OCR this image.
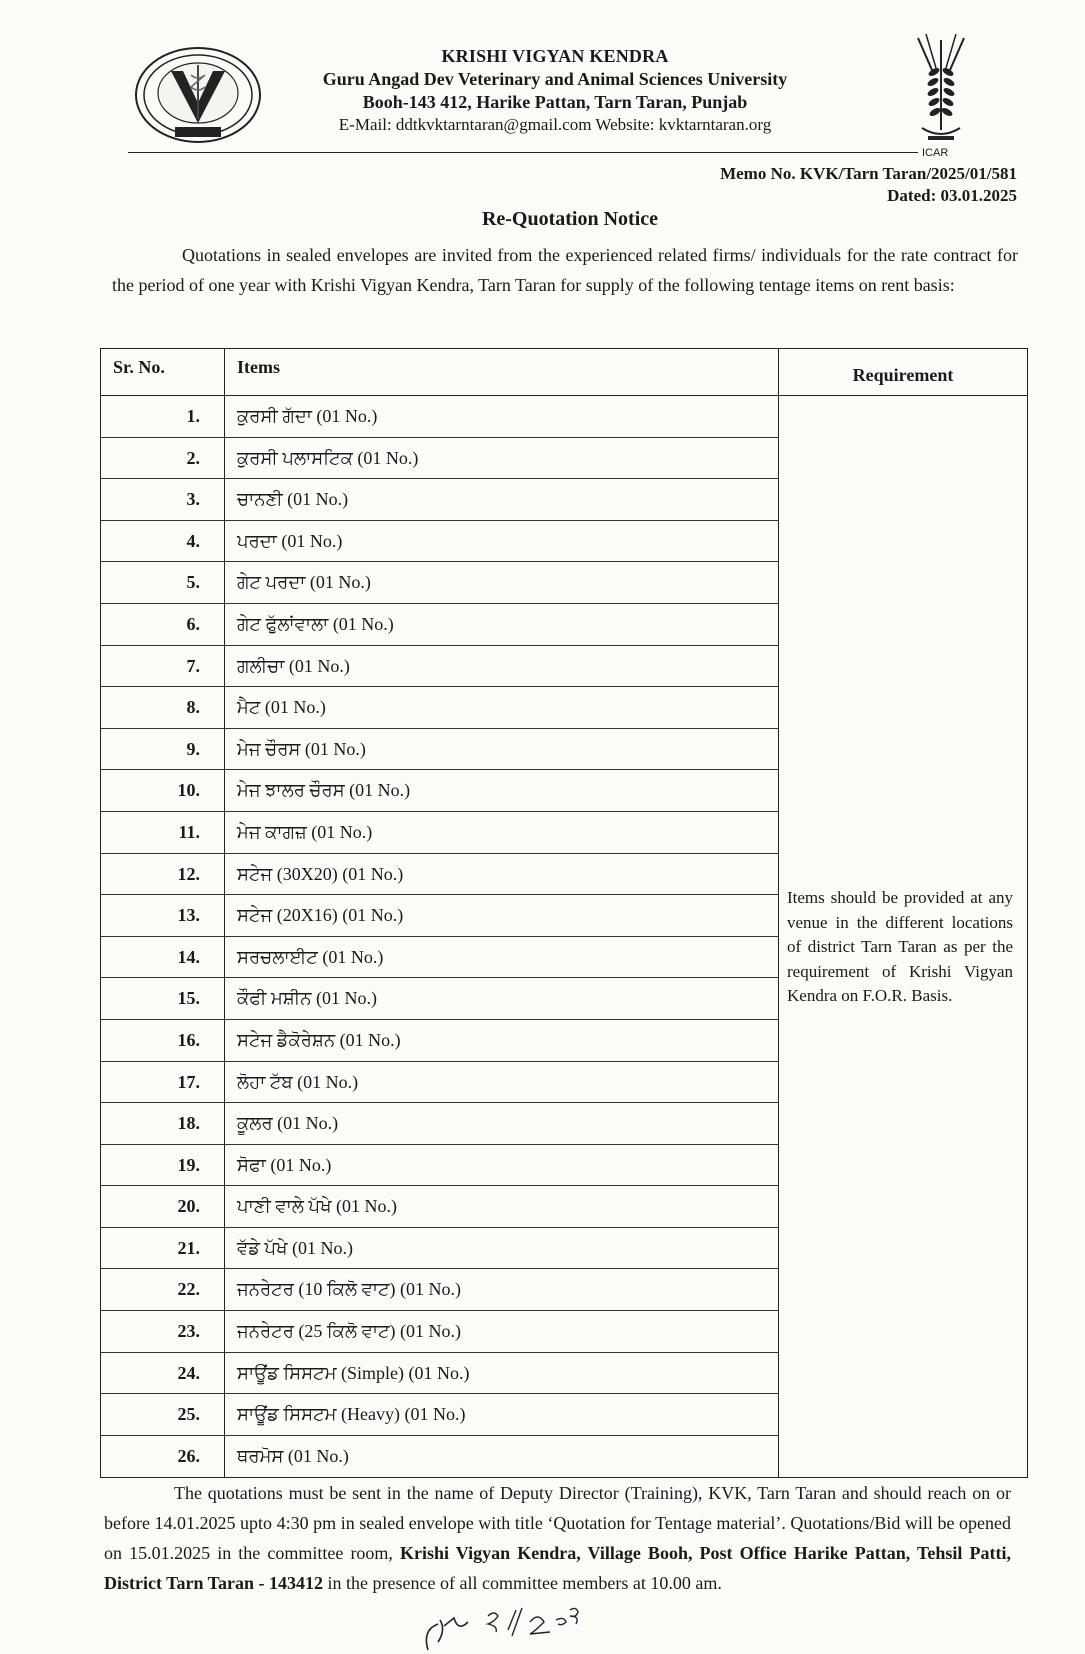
KRISHI VIGYAN KENDRA
Guru Angad Dev Veterinary and Animal Sciences University
Booh-143 412, Harike Pattan, Tarn Taran, Punjab
E-Mail: ddtkvktarntaran@gmail.com Website: kvktarntaran.org
ICAR
Memo No. KVK/Tarn Taran/2025/01/581
Dated: 03.01.2025
Re-Quotation Notice
Quotations in sealed envelopes are invited from the experienced related firms/ individuals for the rate contract for the period of one year with Krishi Vigyan Kendra, Tarn Taran for supply of the following tentage items on rent basis:
Sr. No.	Items	Requirement
1.	ਕੁਰਸੀ ਗੱਦਾ (01 No.)
2.	ਕੁਰਸੀ ਪਲਾਸਟਿਕ (01 No.)
3.	ਚਾਨਣੀ (01 No.)
4.	ਪਰਦਾ (01 No.)
5.	ਗੇਟ ਪਰਦਾ (01 No.)
6.	ਗੇਟ ਫੁੱਲਾਂਵਾਲਾ (01 No.)
7.	ਗਲੀਚਾ (01 No.)
8.	ਮੈਟ (01 No.)
9.	ਮੇਜ ਚੌਰਸ (01 No.)
10.	ਮੇਜ ਝਾਲਰ ਚੌਰਸ (01 No.)
11.	ਮੇਜ ਕਾਗਜ਼ (01 No.)
12.	ਸਟੇਜ (30X20) (01 No.)
13.	ਸਟੇਜ (20X16) (01 No.)
14.	ਸਰਚਲਾਈਟ (01 No.)
15.	ਕੌਫੀ ਮਸ਼ੀਨ (01 No.)
16.	ਸਟੇਜ ਡੈਕੋਰੇਸ਼ਨ (01 No.)
17.	ਲੋਹਾ ਟੱਬ (01 No.)
18.	ਕੂਲਰ (01 No.)
19.	ਸੋਫਾ (01 No.)
20.	ਪਾਣੀ ਵਾਲੇ ਪੱਖੇ (01 No.)
21.	ਵੱਡੇ ਪੱਖੇ (01 No.)
22.	ਜਨਰੇਟਰ (10 ਕਿਲੋ ਵਾਟ) (01 No.)
23.	ਜਨਰੇਟਰ (25 ਕਿਲੋ ਵਾਟ) (01 No.)
24.	ਸਾਊਂਡ ਸਿਸਟਮ (Simple) (01 No.)
25.	ਸਾਊਂਡ ਸਿਸਟਮ (Heavy) (01 No.)
26.	ਥਰਮੋਸ (01 No.)
Items should be provided at any venue in the different locations of district Tarn Taran as per the requirement of Krishi Vigyan Kendra on F.O.R. Basis.
The quotations must be sent in the name of Deputy Director (Training), KVK, Tarn Taran and should reach on or before 14.01.2025 upto 4:30 pm in sealed envelope with title ‘Quotation for Tentage material’. Quotations/Bid will be opened on 15.01.2025 in the committee room, Krishi Vigyan Kendra, Village Booh, Post Office Harike Pattan, Tehsil Patti, District Tarn Taran - 143412 in the presence of all committee members at 10.00 am.
